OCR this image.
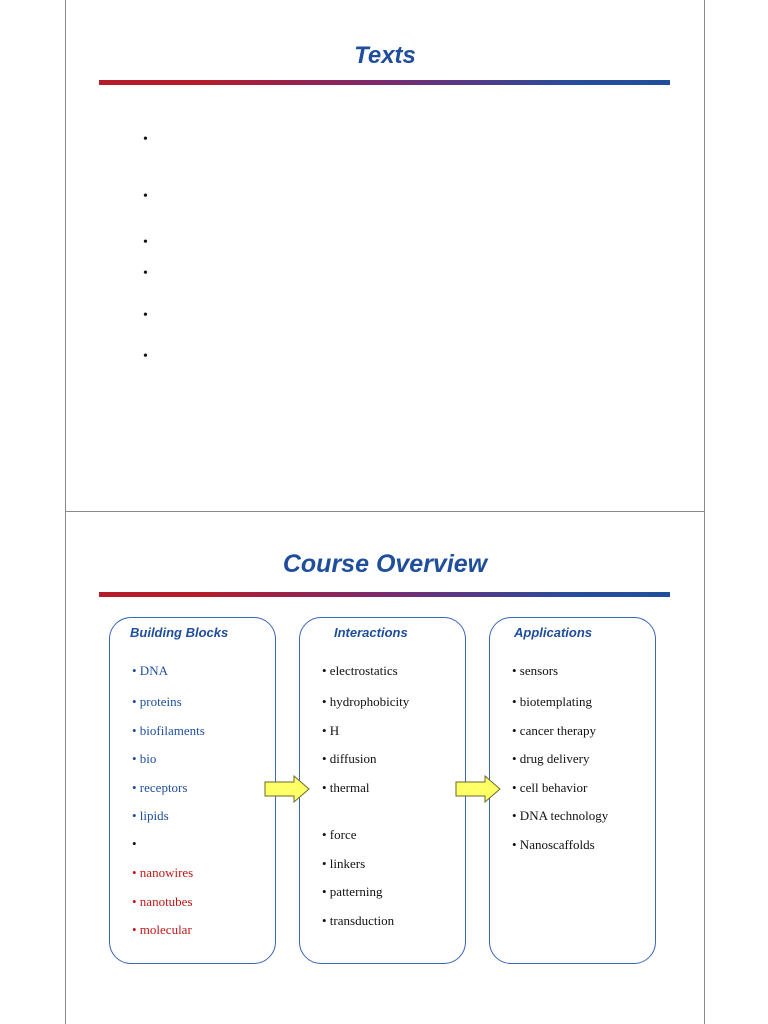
Texts
•
•
•
•
•
•
Course Overview
Building Blocks
• DNA
• proteins
• biofilaments
• bio
• receptors
• lipids
•
• nanowires
• nanotubes
• molecular
Interactions
• electrostatics
• hydrophobicity
• H
• diffusion
• thermal
• force
• linkers
• patterning
• transduction
Applications
• sensors
• biotemplating
• cancer therapy
• drug delivery
• cell behavior
• DNA technology
• Nanoscaffolds
